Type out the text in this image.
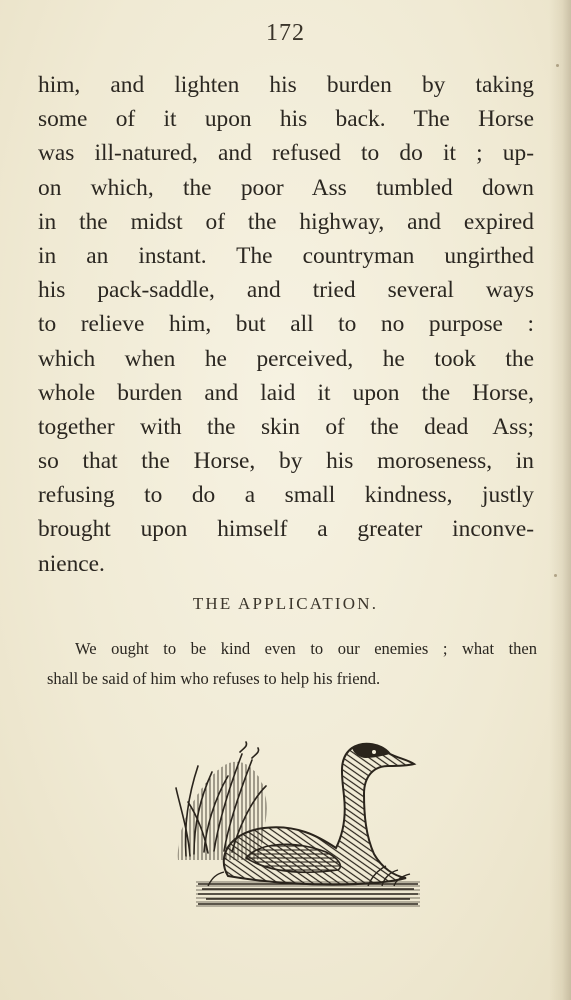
172
him, and lighten his burden by taking
some of it upon his back. The Horse
was ill-natured, and refused to do it ; up-
on which, the poor Ass tumbled down
in the midst of the highway, and expired
in an instant. The countryman ungirthed
his pack-saddle, and tried several ways
to relieve him, but all to no purpose :
which when he perceived, he took the
whole burden and laid it upon the Horse,
together with the skin of the dead Ass;
so that the Horse, by his moroseness, in
refusing to do a small kindness, justly
brought upon himself a greater inconve-
nience.
THE APPLICATION.
We ought to be kind even to our enemies ; what then
shall be said of him who refuses to help his friend.
